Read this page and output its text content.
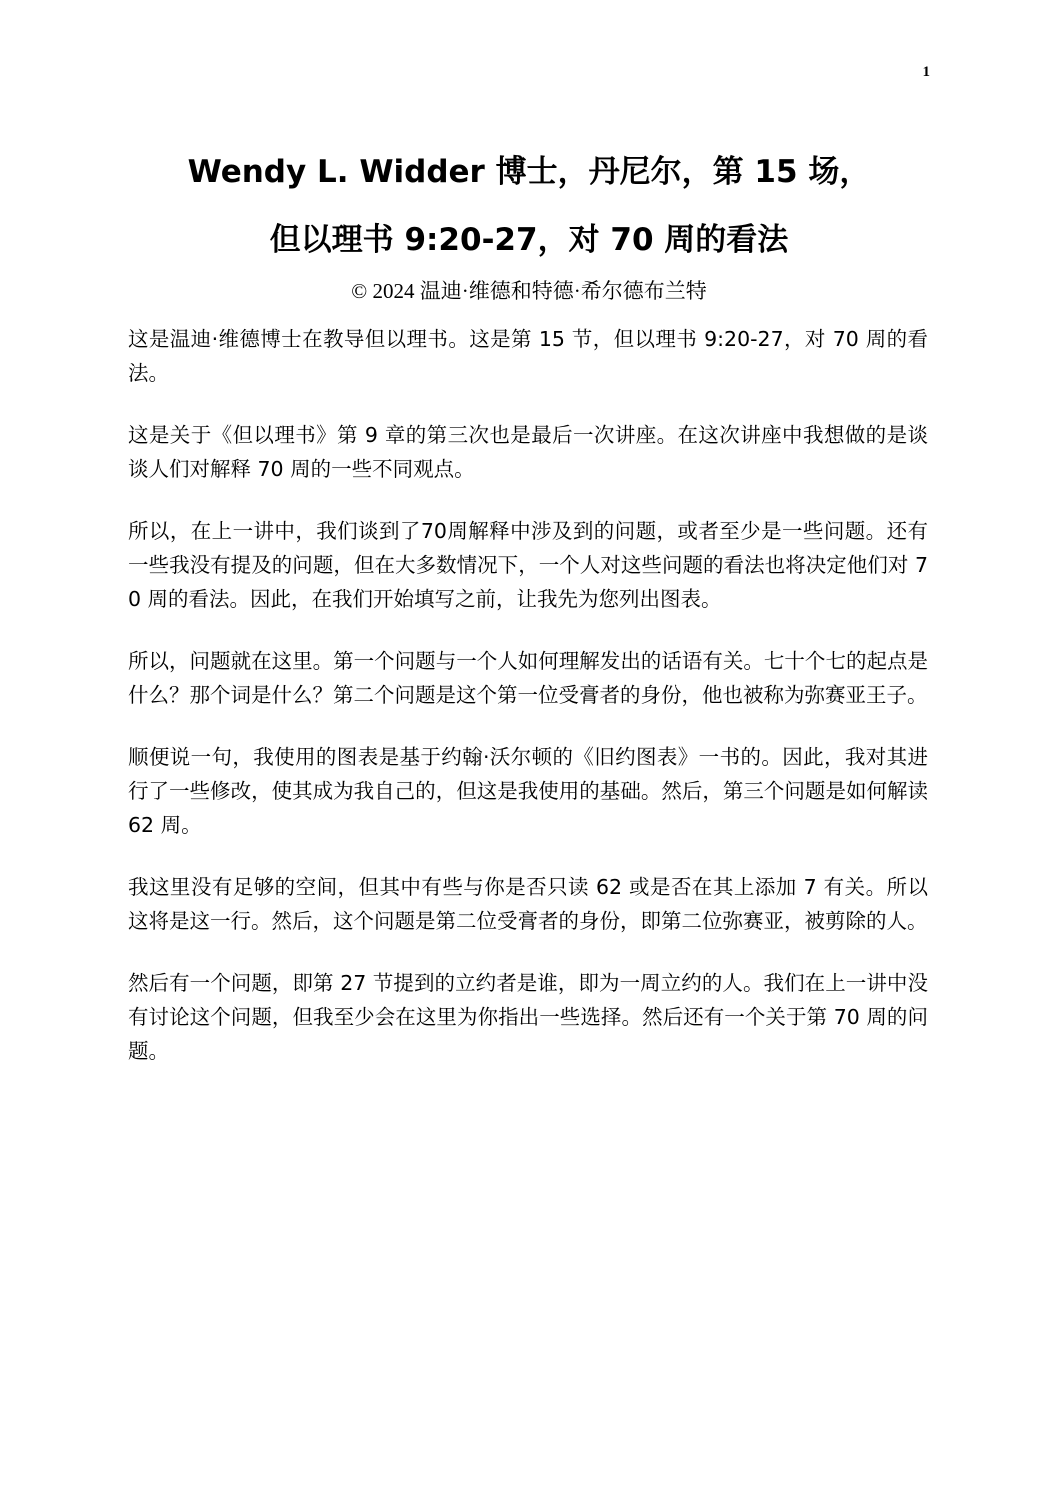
1
Wendy L. Widder 博士，丹尼尔，第 15 场，
但以理书 9:20-27，对 70 周的看法
© 2024 温迪·维德和特德·希尔德布兰特

这是温迪·维德博士在教导但以理书。这是第 15 节，但以理书 9:20-27，对 70 周的看法。

这是关于《但以理书》第 9 章的第三次也是最后一次讲座。在这次讲座中我想做的是谈谈人们对解释 70 周的一些不同观点。

所以，在上一讲中，我们谈到了70周解释中涉及到的问题，或者至少是一些问题。还有一些我没有提及的问题，但在大多数情况下，一个人对这些问题的看法也将决定他们对 70 周的看法。因此，在我们开始填写之前，让我先为您列出图表。

所以，问题就在这里。第一个问题与一个人如何理解发出的话语有关。七十个七的起点是什么？那个词是什么？第二个问题是这个第一位受膏者的身份，他也被称为弥赛亚王子。

顺便说一句，我使用的图表是基于约翰·沃尔顿的《旧约图表》一书的。因此，我对其进行了一些修改，使其成为我自己的，但这是我使用的基础。然后，第三个问题是如何解读 62 周。

我这里没有足够的空间，但其中有些与你是否只读 62 或是否在其上添加 7 有关。所以这将是这一行。然后，这个问题是第二位受膏者的身份，即第二位弥赛亚，被剪除的人。

然后有一个问题，即第 27 节提到的立约者是谁，即为一周立约的人。我们在上一讲中没有讨论这个问题，但我至少会在这里为你指出一些选择。然后还有一个关于第 70 周的问题。
